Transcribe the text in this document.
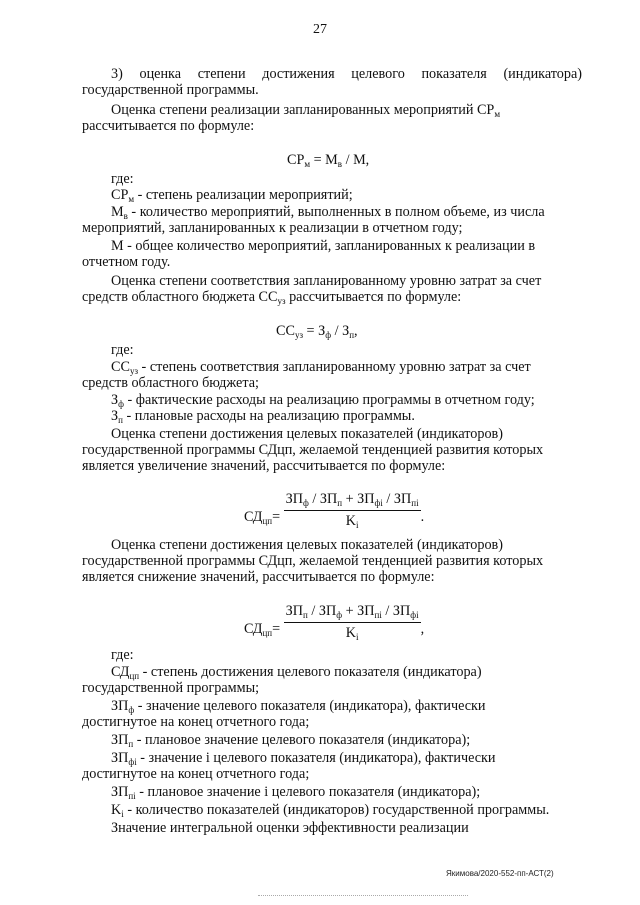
27
3) оценка степени достижения целевого показателя (индикатора)
государственной программы.
Оценка степени реализации запланированных мероприятий $СР_м$
рассчитывается по формуле:
$СР_м = М_в / М$,
где:
$СР_м$ - степень реализации мероприятий;
$М_в$ - количество мероприятий, выполненных в полном объеме, из числа
мероприятий, запланированных к реализации в отчетном году;
М - общее количество мероприятий, запланированных к реализации в
отчетном году.
Оценка степени соответствия запланированному уровню затрат за счет
средств областного бюджета $СС_{уз}$ рассчитывается по формуле:
$СС_{уз} = З_ф / З_п$,
где:
$СС_{уз}$ - степень соответствия запланированному уровню затрат за счет
средств областного бюджета;
$З_ф$ - фактические расходы на реализацию программы в отчетном году;
$З_п$ - плановые расходы на реализацию программы.
Оценка степени достижения целевых показателей (индикаторов)
государственной программы СДцп, желаемой тенденцией развития которых
является увеличение значений, рассчитывается по формуле:
$СД_{цп}= \frac{ЗП_ф / ЗП_п + ЗП_{фi} / ЗП_{пi}}{K_i}$ .
Оценка степени достижения целевых показателей (индикаторов)
государственной программы СДцп, желаемой тенденцией развития которых
является снижение значений, рассчитывается по формуле:
$СД_{цп}= \frac{ЗП_п / ЗП_ф + ЗП_{пi} / ЗП_{фi}}{K_i}$ ,
где:
$СД_{цп}$ - степень достижения целевого показателя (индикатора)
государственной программы;
$ЗП_ф$ - значение целевого показателя (индикатора), фактически
достигнутое на конец отчетного года;
$ЗП_п$ - плановое значение целевого показателя (индикатора);
$ЗП_{фi}$ - значение i целевого показателя (индикатора), фактически
достигнутое на конец отчетного года;
$ЗП_{пi}$ - плановое значение i целевого показателя (индикатора);
$K_i$ - количество показателей (индикаторов) государственной программы.
Значение интегральной оценки эффективности реализации
Якимова/2020-552-пп-АСТ(2)
